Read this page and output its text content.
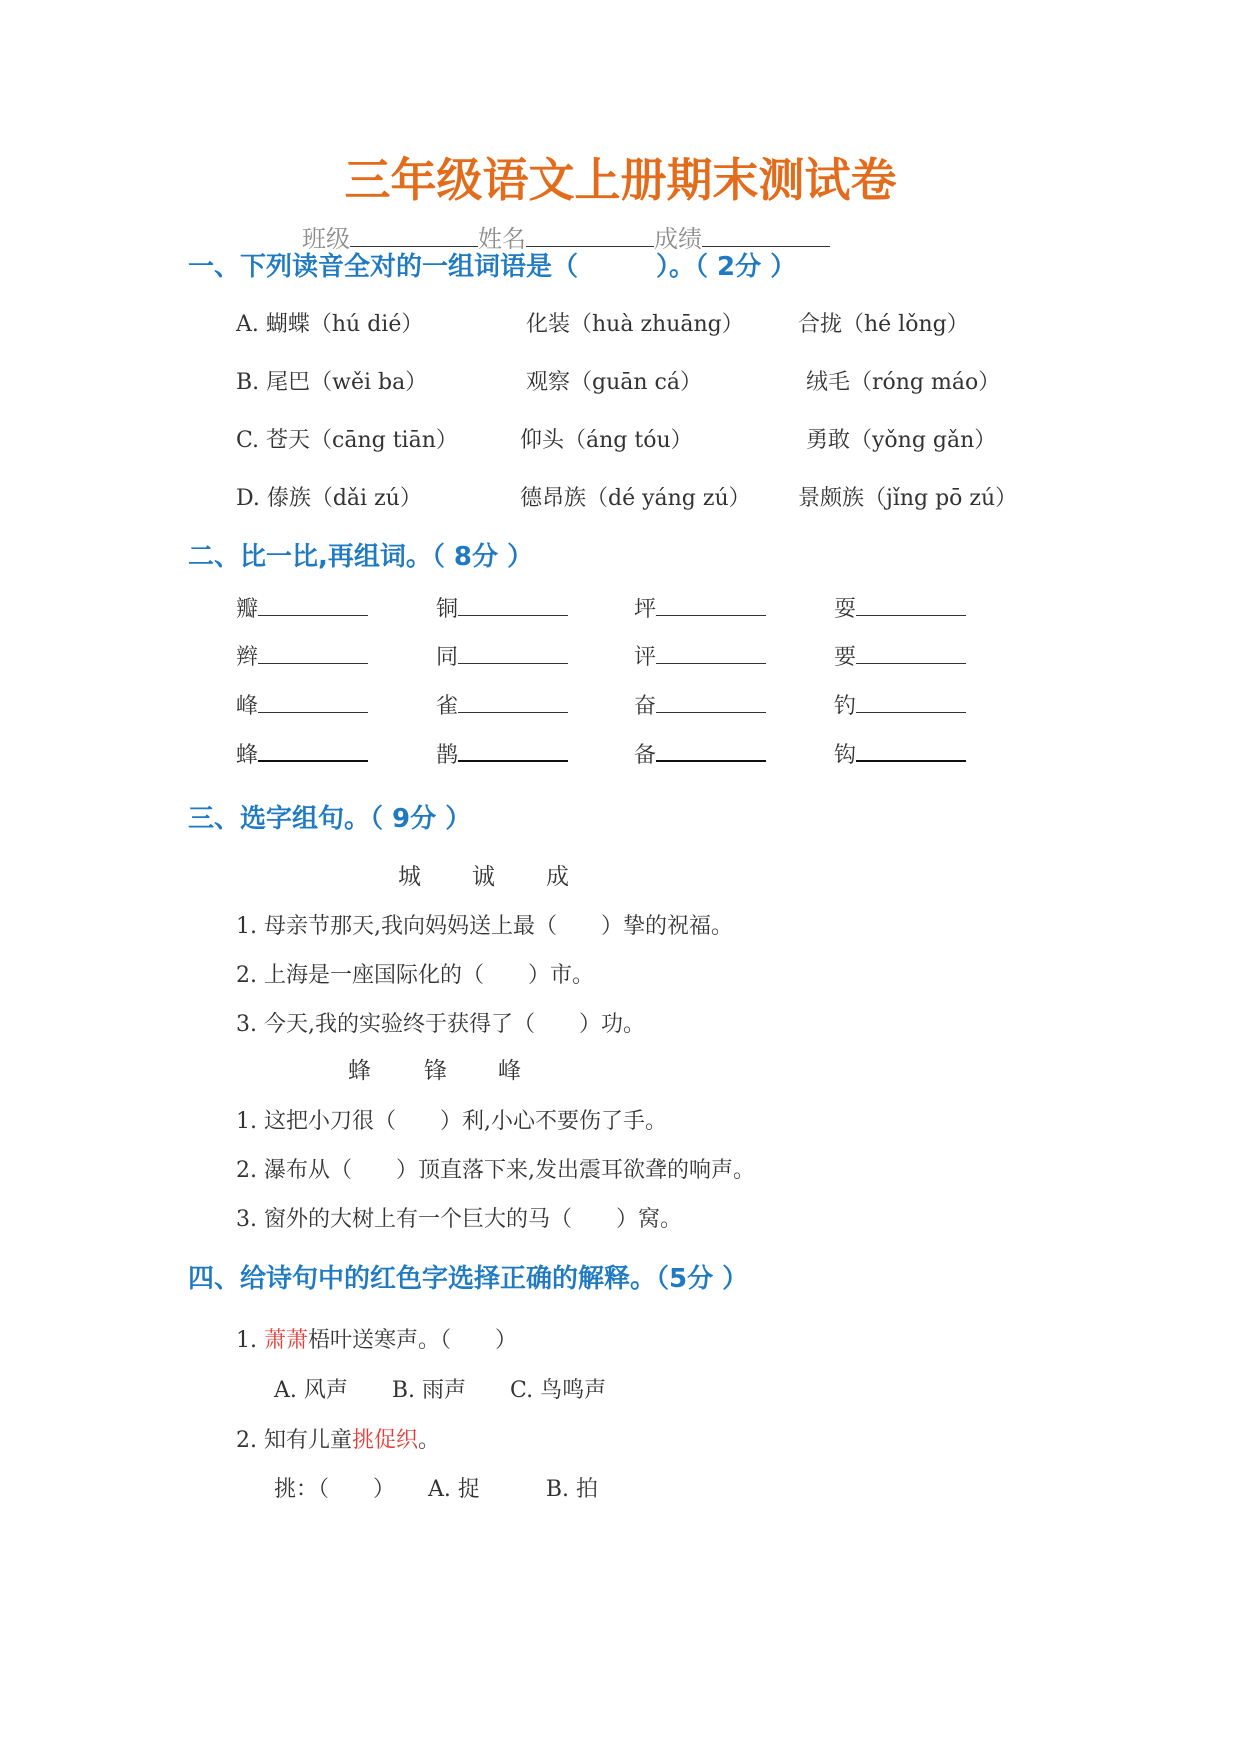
三年级语文上册期末测试卷
班级	姓名	成绩
一、下列读音全对的一组词语是（　　　）。（ 2分 ）
A. 蝴蝶（hú dié）	化装（huà zhuāng） 合拢（hé lǒng）
B. 尾巴（wěi ba）	观察（guān cá）	绒毛（róng máo）
C. 苍天（cāng tiān）	仰头（áng tóu）	勇敢（yǒng gǎn）
D. 傣族（dǎi zú）	德昂族（dé yáng zú） 景颇族（jǐng pō zú）
二、比一比,再组词。（ 8分 ）
瓣	铜	坪	耍
辫	同	评	要
峰	雀	奋	钓
蜂	鹊	备	钩
三、选字组句。（ 9分 ）
城 诚 成
1. 母亲节那天,我向妈妈送上最（　　）挚的祝福。
2. 上海是一座国际化的（　　）市。
3. 今天,我的实验终于获得了（　　）功。
蜂 锋 峰
1. 这把小刀很（　　）利,小心不要伤了手。
2. 瀑布从（　　）顶直落下来,发出震耳欲聋的响声。
3. 窗外的大树上有一个巨大的马（　　）窝。
四、给诗句中的红色字选择正确的解释。（5分 ）
1. 萧萧梧叶送寒声。（　　）
A. 风声　　B. 雨声　　C. 鸟鸣声
2. 知有儿童挑促织。
挑：（　　）　　A. 捉　　　B. 拍
